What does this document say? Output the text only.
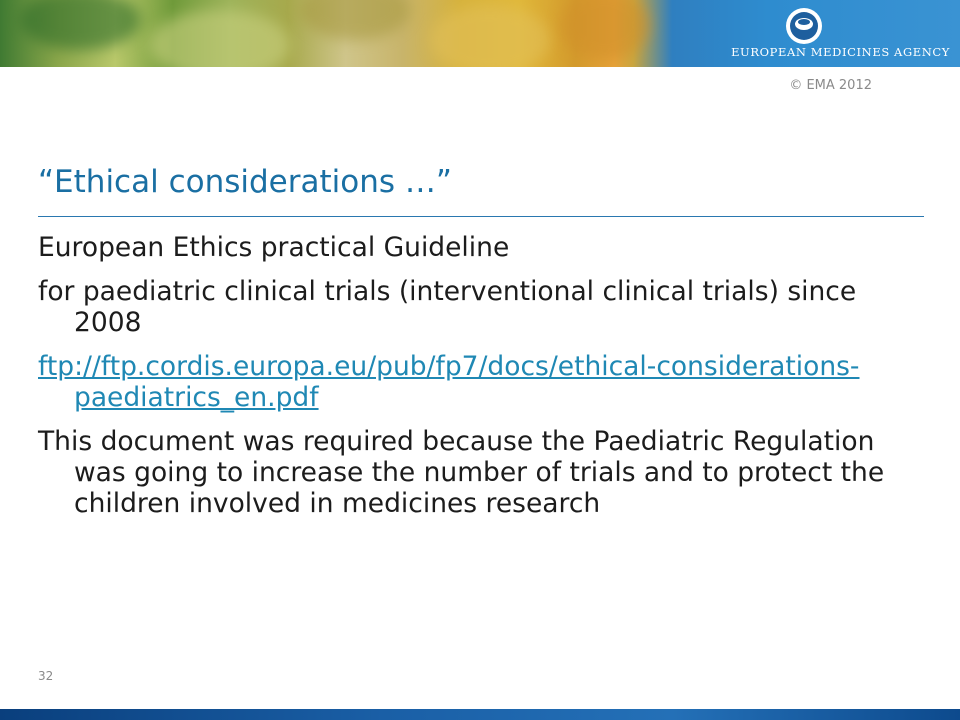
EUROPEAN MEDICINES AGENCY
© EMA 2012
“Ethical considerations …”

European Ethics practical Guideline

for paediatric clinical trials (interventional clinical trials) since 2008

ftp://ftp.cordis.europa.eu/pub/fp7/docs/ethical-considerations-paediatrics_en.pdf

This document was required because the Paediatric Regulation was going to increase the number of trials and to protect the children involved in medicines research

32
